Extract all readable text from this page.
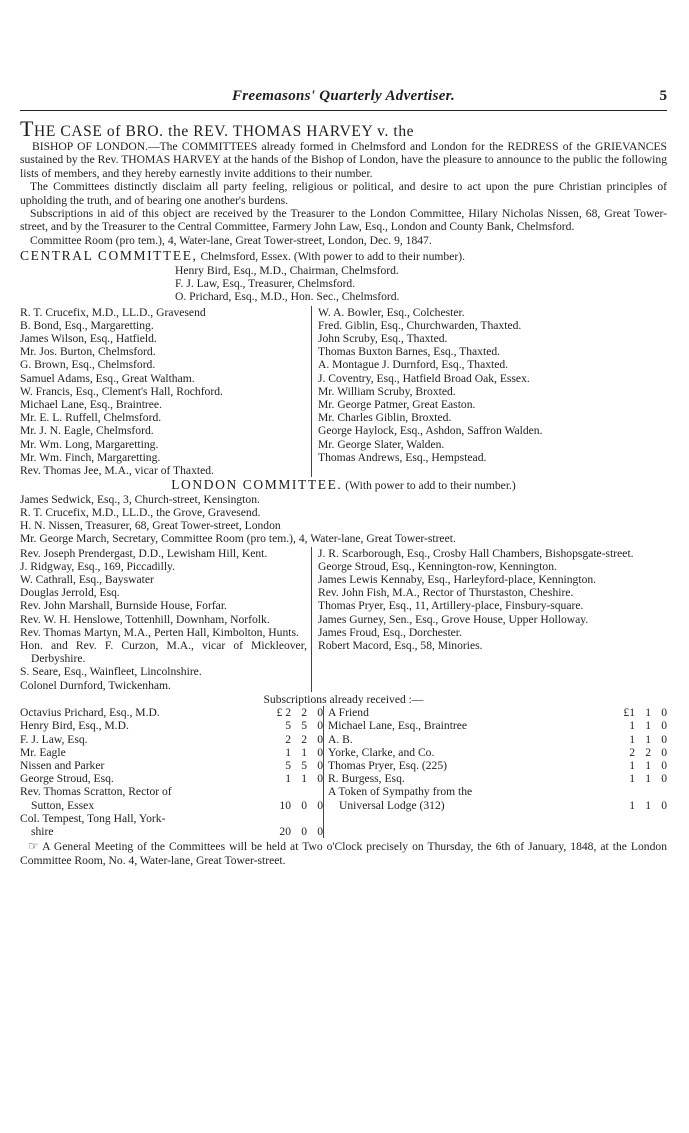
Freemasons' Quarterly Advertiser.	5

THE CASE of BRO. the REV. THOMAS HARVEY v. the

BISHOP OF LONDON.—The COMMITTEES already formed in Chelmsford and London for the REDRESS of the GRIEVANCES sustained by the Rev. THOMAS HARVEY at the hands of the Bishop of London, have the pleasure to announce to the public the following lists of members, and they hereby earnestly invite additions to their number.

The Committees distinctly disclaim all party feeling, religious or political, and desire to act upon the pure Christian principles of upholding the truth, and of bearing one another's burdens.

Subscriptions in aid of this object are received by the Treasurer to the London Committee, Hilary Nicholas Nissen, 68, Great Tower-street, and by the Treasurer to the Central Committee, Farmery John Law, Esq., London and County Bank, Chelmsford.

Committee Room (pro tem.), 4, Water-lane, Great Tower-street, London, Dec. 9, 1847.

CENTRAL COMMITTEE, Chelmsford, Essex. (With power to add to their number).

Henry Bird, Esq., M.D., Chairman, Chelmsford.
F. J. Law, Esq., Treasurer, Chelmsford.
O. Prichard, Esq., M.D., Hon. Sec., Chelmsford.
R. T. Crucefix, M.D., LL.D., Gravesend
B. Bond, Esq., Margaretting.
James Wilson, Esq., Hatfield.
Mr. Jos. Burton, Chelmsford.
G. Brown, Esq., Chelmsford.
Samuel Adams, Esq., Great Waltham.
W. Francis, Esq., Clement's Hall, Rochford.
Michael Lane, Esq., Braintree.
Mr. E. L. Ruffell, Chelmsford.
Mr. J. N. Eagle, Chelmsford.
Mr. Wm. Long, Margaretting.
Mr. Wm. Finch, Margaretting.
Rev. Thomas Jee, M.A., vicar of Thaxted.
W. A. Bowler, Esq., Colchester.
Fred. Giblin, Esq., Churchwarden, Thaxted.
John Scruby, Esq., Thaxted.
Thomas Buxton Barnes, Esq., Thaxted.
A. Montague J. Durnford, Esq., Thaxted.
J. Coventry, Esq., Hatfield Broad Oak, Essex.
Mr. William Scruby, Broxted.
Mr. George Patmer, Great Easton.
Mr. Charles Giblin, Broxted.
George Haylock, Esq., Ashdon, Saffron Walden.
Mr. George Slater, Walden.
Thomas Andrews, Esq., Hempstead.

LONDON COMMITTEE. (With power to add to their number.)

James Sedwick, Esq., 3, Church-street, Kensington.
R. T. Crucefix, M.D., LL.D., the Grove, Gravesend.
H. N. Nissen, Treasurer, 68, Great Tower-street, London
Mr. George March, Secretary, Committee Room (pro tem.), 4, Water-lane, Great Tower-street.
Rev. Joseph Prendergast, D.D., Lewisham Hill, Kent.
J. Ridgway, Esq., 169, Piccadilly.
W. Cathrall, Esq., Bayswater
Douglas Jerrold, Esq.
Rev. John Marshall, Burnside House, Forfar.
Rev. W. H. Henslowe, Tottenhill, Downham, Norfolk.
Rev. Thomas Martyn, M.A., Perten Hall, Kimbolton, Hunts.
Hon. and Rev. F. Curzon, M.A., vicar of Mickleover, Derbyshire.
S. Seare, Esq., Wainfleet, Lincolnshire.
Colonel Durnford, Twickenham.
J. R. Scarborough, Esq., Crosby Hall Chambers, Bishopsgate-street.
George Stroud, Esq., Kennington-row, Kennington.
James Lewis Kennaby, Esq., Harleyford-place, Kennington.
Rev. John Fish, M.A., Rector of Thurstaston, Cheshire.
Thomas Pryer, Esq., 11, Artillery-place, Finsbury-square.
James Gurney, Sen., Esq., Grove House, Upper Holloway.
James Froud, Esq., Dorchester.
Robert Macord, Esq., 58, Minories.

Subscriptions already received :—

Octavius Prichard, Esq., M.D.	£ 2 2 0
Henry Bird, Esq., M.D.	5 5 0
F. J. Law, Esq.	2 2 0
Mr. Eagle	1 1 0
Nissen and Parker	5 5 0
George Stroud, Esq.	1 1 0
Rev. Thomas Scratton, Rector of
Sutton, Essex	10 0 0
Col. Tempest, Tong Hall, York-
shire	20 0 0
A Friend	£1 1 0
Michael Lane, Esq., Braintree	1 1 0
A. B.	1 1 0
Yorke, Clarke, and Co.	2 2 0
Thomas Pryer, Esq. (225)	1 1 0
R. Burgess, Esq.	1 1 0
A Token of Sympathy from the
Universal Lodge (312)	1 1 0

☞ A General Meeting of the Committees will be held at Two o'Clock precisely on Thursday, the 6th of January, 1848, at the London Committee Room, No. 4, Water-lane, Great Tower-street.
